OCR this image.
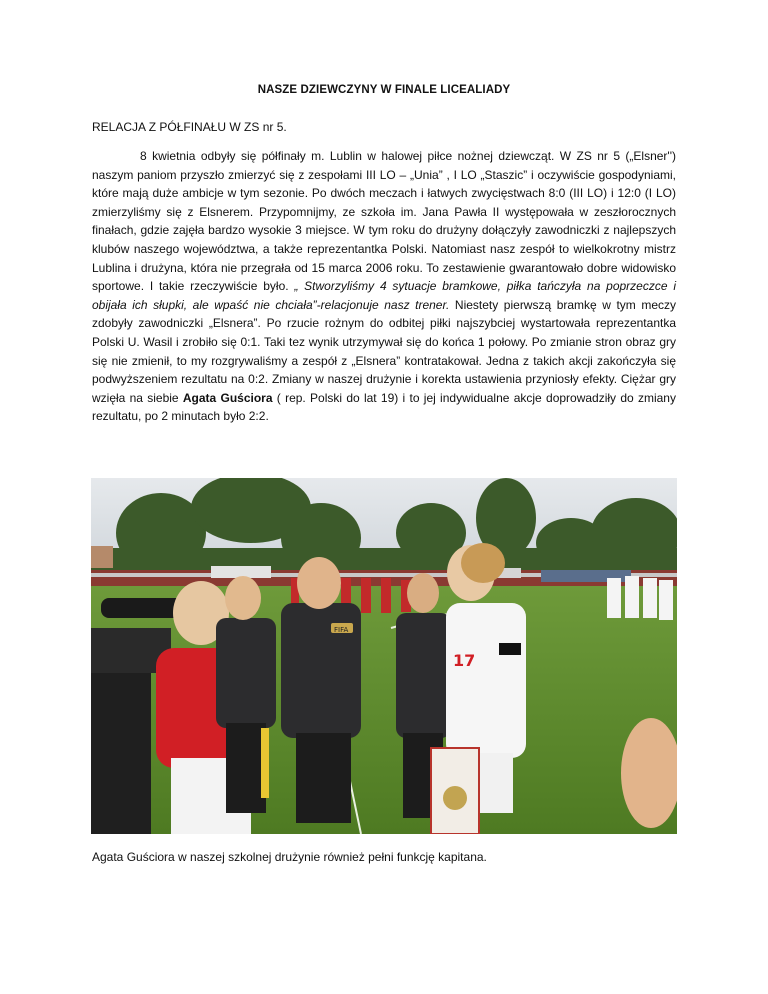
NASZE DZIEWCZYNY W FINALE LICEALIADY
RELACJA Z PÓŁFINAŁU W ZS nr 5.

8 kwietnia odbyły się półfinały m. Lublin w halowej piłce nożnej dziewcząt. W ZS nr 5 („Elsner'') naszym paniom przyszło zmierzyć się z zespołami III LO – „Unia” , I LO „Staszic” i oczywiście gospodyniami, które mają duże ambicje w tym sezonie. Po dwóch meczach i łatwych zwycięstwach 8:0 (III LO) i 12:0 (I LO) zmierzyliśmy się z Elsnerem. Przypomnijmy, ze szkoła im. Jana Pawła II występowała w zeszłorocznych finałach, gdzie zajęła bardzo wysokie 3 miejsce. W tym roku do drużyny dołączyły zawodniczki z najlepszych klubów naszego województwa, a także reprezentantka Polski. Natomiast nasz zespół to wielkokrotny mistrz Lublina i drużyna, która nie przegrała od 15 marca 2006 roku. To zestawienie gwarantowało dobre widowisko sportowe. I takie rzeczywiście było. „ Stworzyliśmy 4 sytuacje bramkowe, piłka tańczyła na poprzeczce i obijała ich słupki, ale wpaść nie chciała”-relacjonuje nasz trener. Niestety pierwszą bramkę w tym meczy zdobyły zawodniczki „Elsnera”. Po rzucie rożnym do odbitej piłki najszybciej wystartowała reprezentantka Polski U. Wasil i zrobiło się 0:1. Taki tez wynik utrzymywał się do końca 1 połowy. Po zmianie stron obraz gry się nie zmienił, to my rozgrywaliśmy a zespół z „Elsnera” kontratakował. Jedna z takich akcji zakończyła się podwyższeniem rezultatu na 0:2. Zmiany w naszej drużynie i korekta ustawienia przyniosły efekty. Ciężar gry wzięła na siebie Agata Guściora ( rep. Polski do lat 19) i to jej indywidualne akcje doprowadziły do zmiany rezultatu, po 2 minutach było 2:2.

FIFA
17
Agata Guściora w naszej szkolnej drużynie również pełni funkcję kapitana.
